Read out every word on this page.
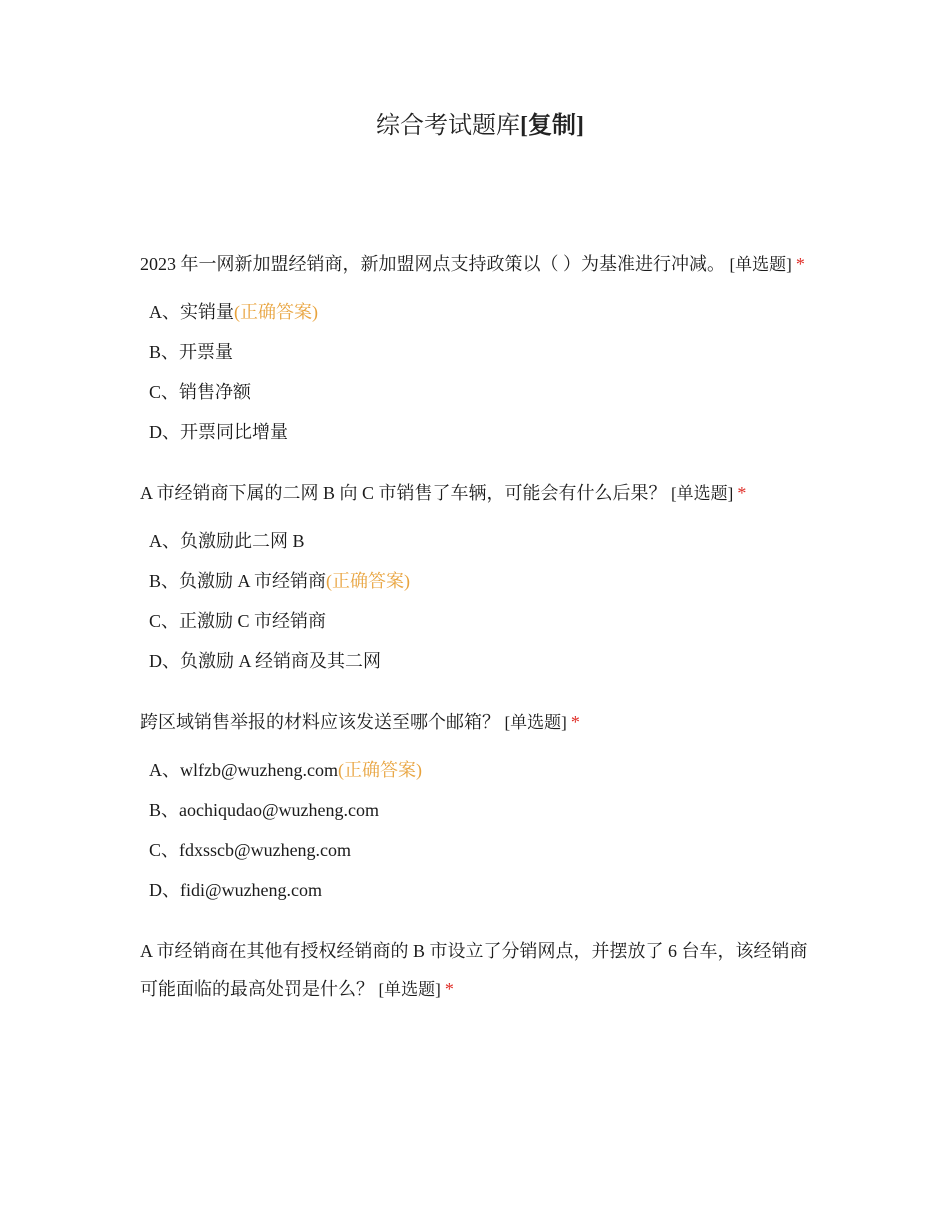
综合考试题库[复制]
2023 年一网新加盟经销商，新加盟网点支持政策以（ ）为基准进行冲减。 [单选题] *
A、实销量(正确答案)
B、开票量
C、销售净额
D、开票同比增量
A 市经销商下属的二网 B 向 C 市销售了车辆，可能会有什么后果？ [单选题] *
A、负激励此二网 B
B、负激励 A 市经销商(正确答案)
C、正激励 C 市经销商
D、负激励 A 经销商及其二网
跨区域销售举报的材料应该发送至哪个邮箱？ [单选题] *
A、wlfzb@wuzheng.com(正确答案)
B、aochiqudao@wuzheng.com
C、fdxsscb@wuzheng.com
D、fidi@wuzheng.com
A 市经销商在其他有授权经销商的 B 市设立了分销网点，并摆放了 6 台车，该经销商可能面临的最高处罚是什么？ [单选题] *
